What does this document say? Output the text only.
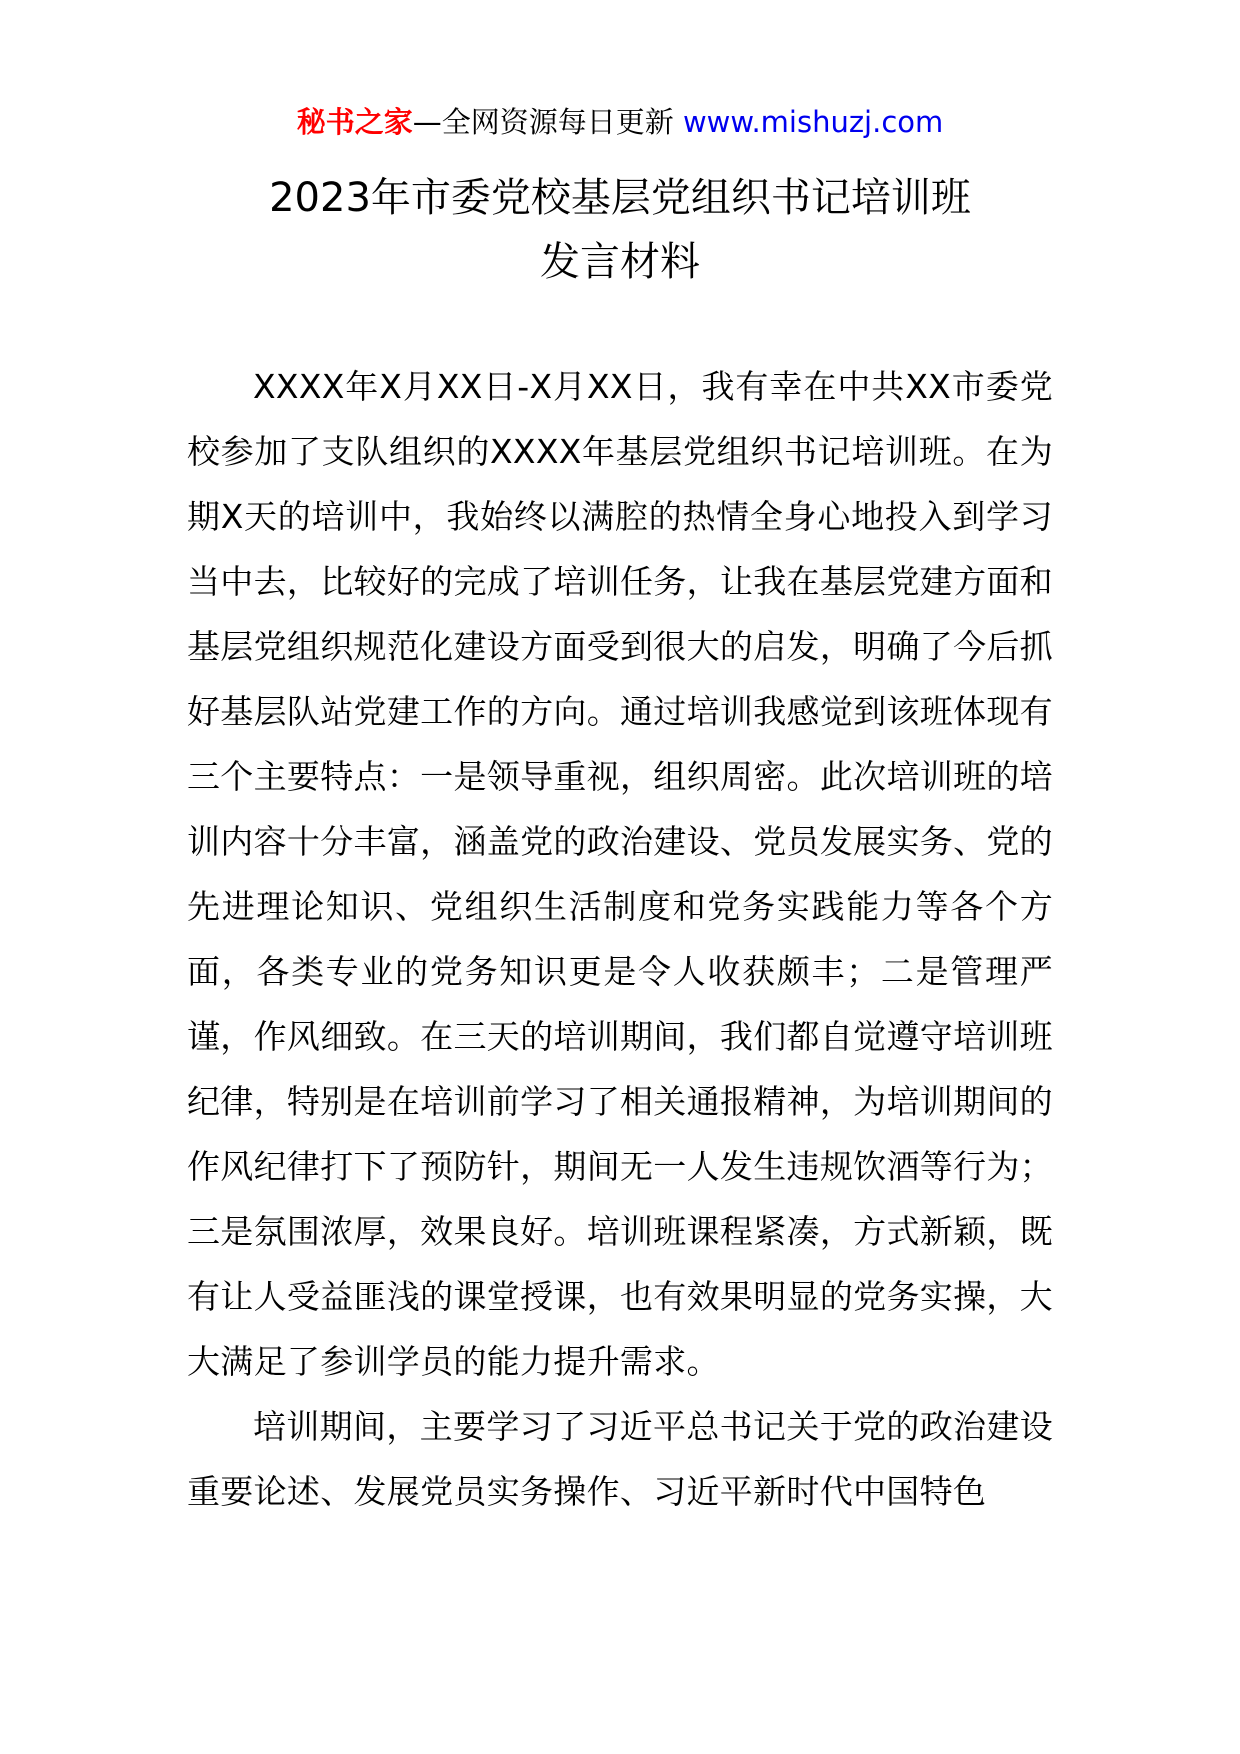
秘书之家—全网资源每日更新 www.mishuzj.com
2023年市委党校基层党组织书记培训班
发言材料

XXXX年X月XX日-X月XX日，我有幸在中共XX市委党校参加了支队组织的XXXX年基层党组织书记培训班。在为期X天的培训中，我始终以满腔的热情全身心地投入到学习当中去，比较好的完成了培训任务，让我在基层党建方面和基层党组织规范化建设方面受到很大的启发，明确了今后抓好基层队站党建工作的方向。通过培训我感觉到该班体现有三个主要特点：一是领导重视，组织周密。此次培训班的培训内容十分丰富，涵盖党的政治建设、党员发展实务、党的先进理论知识、党组织生活制度和党务实践能力等各个方面，各类专业的党务知识更是令人收获颇丰；二是管理严谨，作风细致。在三天的培训期间，我们都自觉遵守培训班纪律，特别是在培训前学习了相关通报精神，为培训期间的作风纪律打下了预防针，期间无一人发生违规饮酒等行为；三是氛围浓厚，效果良好。培训班课程紧凑，方式新颖，既有让人受益匪浅的课堂授课，也有效果明显的党务实操，大大满足了参训学员的能力提升需求。

培训期间，主要学习了习近平总书记关于党的政治建设重要论述、发展党员实务操作、习近平新时代中国特色
